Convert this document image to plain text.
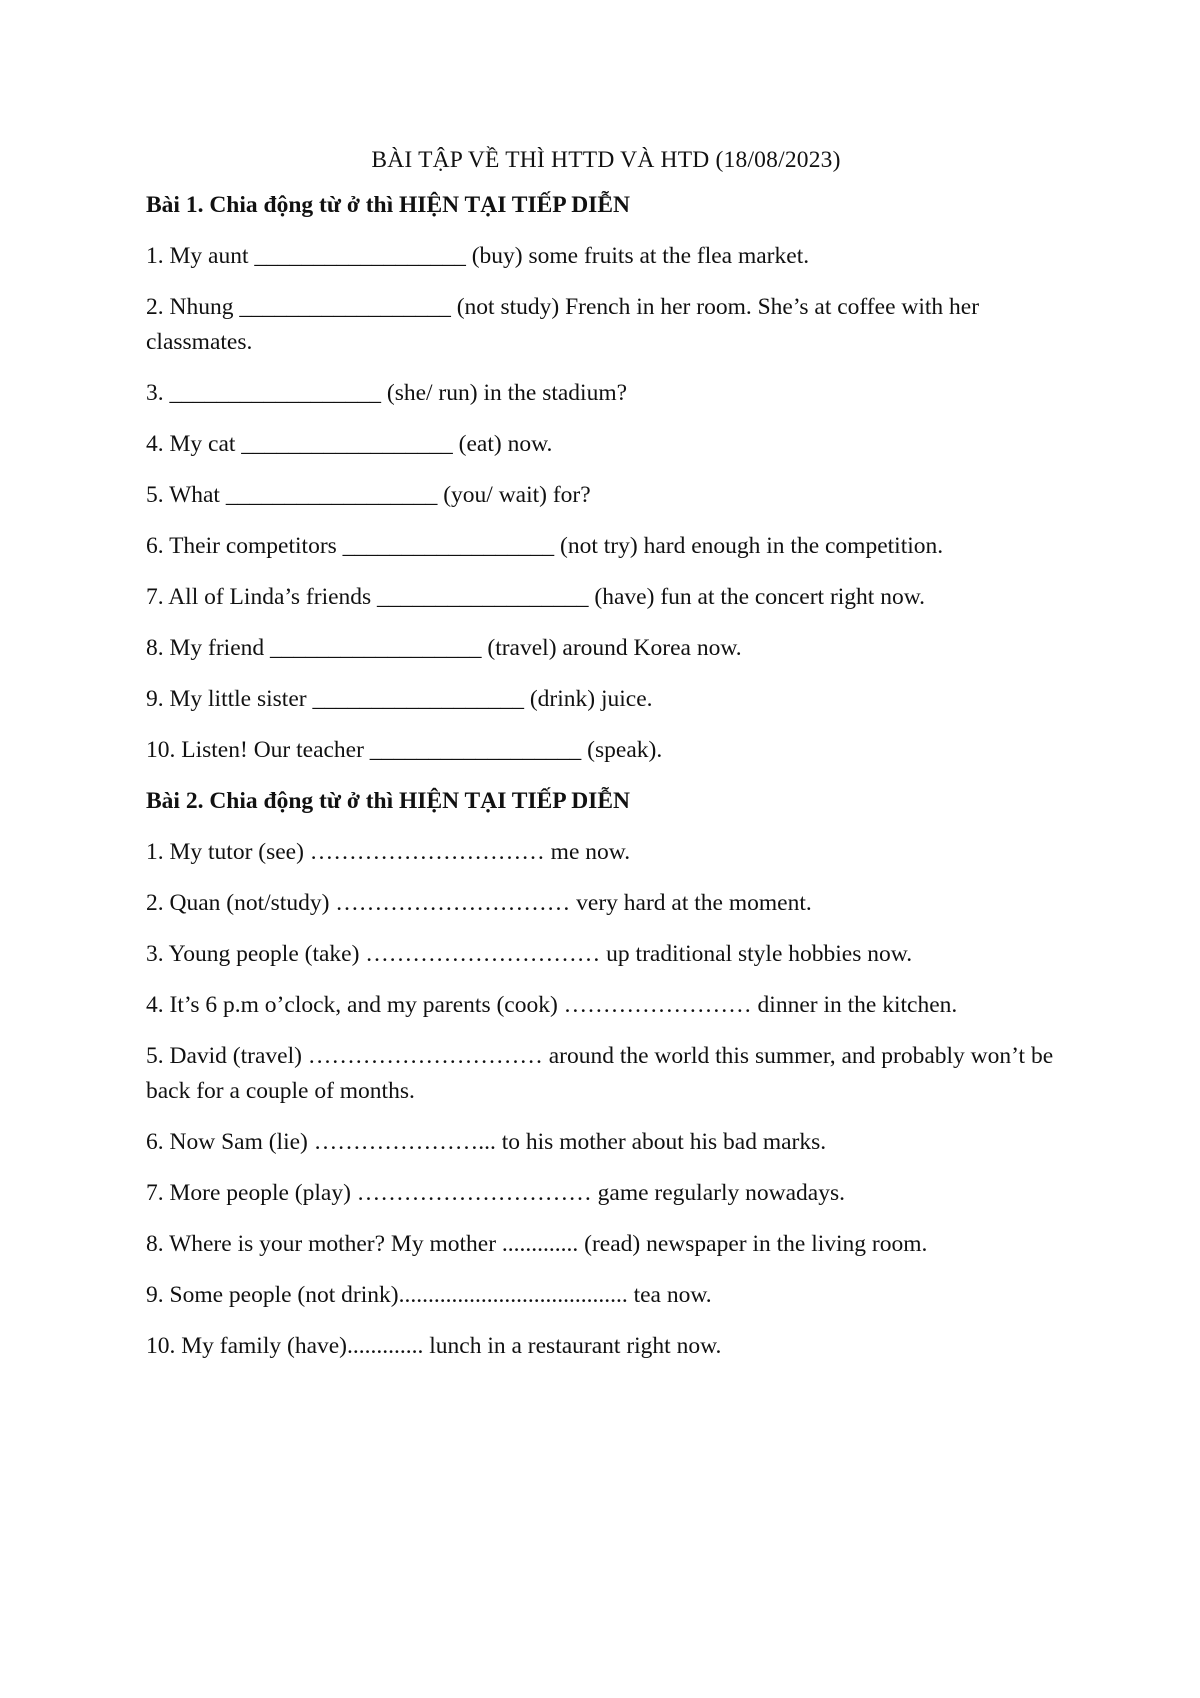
BÀI TẬP VỀ THÌ HTTD VÀ HTD (18/08/2023)
Bài 1. Chia động từ ở thì HIỆN TẠI TIẾP DIỄN
1. My aunt __________________ (buy) some fruits at the flea market.
2. Nhung __________________ (not study) French in her room. She’s at coffee with her classmates.
3. __________________ (she/ run) in the stadium?
4. My cat __________________ (eat) now.
5. What __________________ (you/ wait) for?
6. Their competitors __________________ (not try) hard enough in the competition.
7. All of Linda’s friends __________________ (have) fun at the concert right now.
8. My friend __________________ (travel) around Korea now.
9. My little sister __________________ (drink) juice.
10. Listen! Our teacher __________________ (speak).
Bài 2. Chia động từ ở thì HIỆN TẠI TIẾP DIỄN
1. My tutor (see) ………………………… me now.
2. Quan (not/study) ………………………… very hard at the moment.
3. Young people (take) ………………………… up traditional style hobbies now.
4. It’s 6 p.m o’clock, and my parents (cook) …………………… dinner in the kitchen.
5. David (travel) ………………………… around the world this summer, and probably won’t be back for a couple of months.
6. Now Sam (lie) …………………... to his mother about his bad marks.
7. More people (play) ………………………… game regularly nowadays.
8. Where is your mother? My mother ............. (read) newspaper in the living room.
9. Some people (not drink)....................................... tea now.
10. My family (have)............. lunch in a restaurant right now.
